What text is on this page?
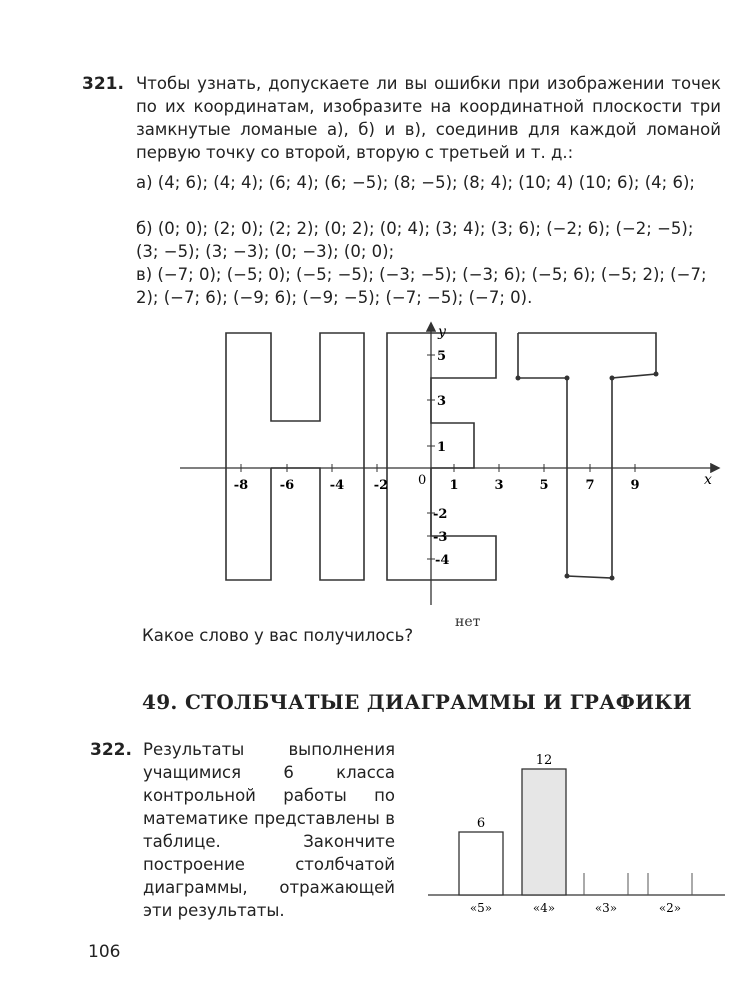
321. Чтобы узнать, допускаете ли вы ошибки при изображении точек по их координатам, изобразите на координатной плоскости три замкнутые ломаные а), б) и в), соединив для каждой ломаной первую точку со второй, вторую с третьей и т. д.:
а) (4; 6); (4; 4); (6; 4); (6; −5); (8; −5); (8; 4); (10; 4) (10; 6); (4; 6);
б) (0; 0); (2; 0); (2; 2); (0; 2); (0; 4); (3; 4); (3; 6); (−2; 6); (−2; −5); (3; −5); (3; −3); (0; −3); (0; 0);
в) (−7; 0); (−5; 0); (−5; −5); (−3; −5); (−3; 6); (−5; 6); (−5; 2); (−7; 2); (−7; 6); (−9; 6); (−9; −5); (−7; −5); (−7; 0).
x
y
0
-8 -6	-4 -2	1	3	5	7	9
5
3
1
-2
-3
-4
Какое слово у вас получилось?
нет
49. СТОЛБЧАТЫЕ ДИАГРАММЫ И ГРАФИКИ
322. Результаты выполнения учащимися 6 класса контрольной работы по математике представлены в таблице. Закончите построение столбчатой диаграммы, отражающей эти результаты.	«5»	«4»	«3»	«2»
6
12
106
